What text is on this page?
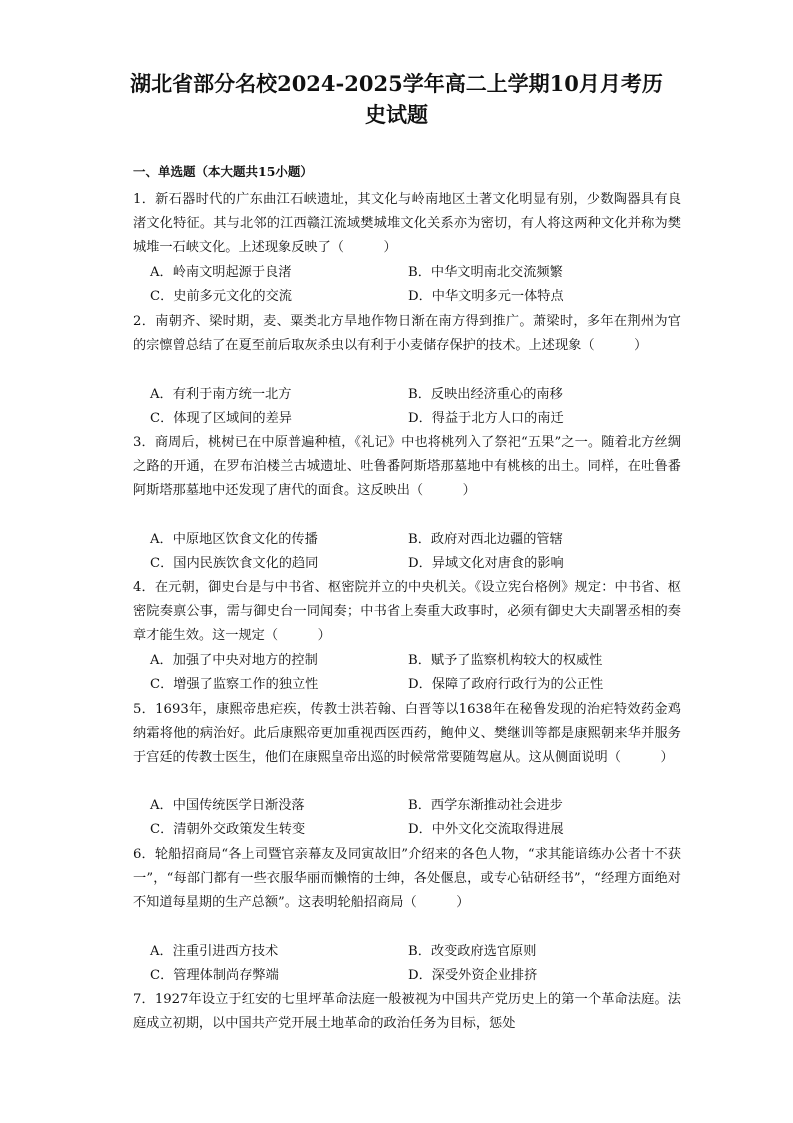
湖北省部分名校2024-2025学年高二上学期10月月考历史试题
一、单选题（本大题共15小题）
1．新石器时代的广东曲江石峡遗址，其文化与岭南地区土著文化明显有别，少数陶器具有良渚文化特征。其与北邻的江西赣江流域樊城堆文化关系亦为密切，有人将这两种文化并称为樊城堆一石峡文化。上述现象反映了（　　　）
A．岭南文明起源于良渚	B．中华文明南北交流频繁
C．史前多元文化的交流	D．中华文明多元一体特点
2．南朝齐、梁时期，麦、粟类北方旱地作物日渐在南方得到推广。萧梁时，多年在荆州为官的宗懔曾总结了在夏至前后取灰杀虫以有利于小麦储存保护的技术。上述现象（　　　）
A．有利于南方统一北方	B．反映出经济重心的南移
C．体现了区域间的差异	D．得益于北方人口的南迁
3．商周后，桃树已在中原普遍种植，《礼记》中也将桃列入了祭祀“五果”之一。随着北方丝绸之路的开通，在罗布泊楼兰古城遗址、吐鲁番阿斯塔那墓地中有桃核的出土。同样，在吐鲁番阿斯塔那墓地中还发现了唐代的面食。这反映出（　　　）
A．中原地区饮食文化的传播	B．政府对西北边疆的管辖
C．国内民族饮食文化的趋同	D．异域文化对唐食的影响
4．在元朝，御史台是与中书省、枢密院并立的中央机关。《设立宪台格例》规定：中书省、枢密院奏禀公事，需与御史台一同闻奏；中书省上奏重大政事时，必须有御史大夫副署丞相的奏章才能生效。这一规定（　　　）
A．加强了中央对地方的控制	B．赋予了监察机构较大的权威性
C．增强了监察工作的独立性	D．保障了政府行政行为的公正性
5．1693年，康熙帝患疟疾，传教士洪若翰、白晋等以1638年在秘鲁发现的治疟特效药金鸡纳霜将他的病治好。此后康熙帝更加重视西医西药，鲍仲义、樊继训等都是康熙朝来华并服务于宫廷的传教士医生，他们在康熙皇帝出巡的时候常常要随驾扈从。这从侧面说明（　　　）
A．中国传统医学日渐没落	B．西学东渐推动社会进步
C．清朝外交政策发生转变	D．中外文化交流取得进展
6．轮船招商局“各上司暨官亲幕友及同寅故旧”介绍来的各色人物，“求其能谙练办公者十不获一”，“每部门都有一些衣服华丽而懒惰的士绅，各处偃息，或专心钻研经书”，“经理方面绝对不知道每星期的生产总额”。这表明轮船招商局（　　　）
A．注重引进西方技术	B．改变政府选官原则
C．管理体制尚存弊端	D．深受外资企业排挤
7．1927年设立于红安的七里坪革命法庭一般被视为中国共产党历史上的第一个革命法庭。法庭成立初期，以中国共产党开展土地革命的政治任务为目标，惩处
